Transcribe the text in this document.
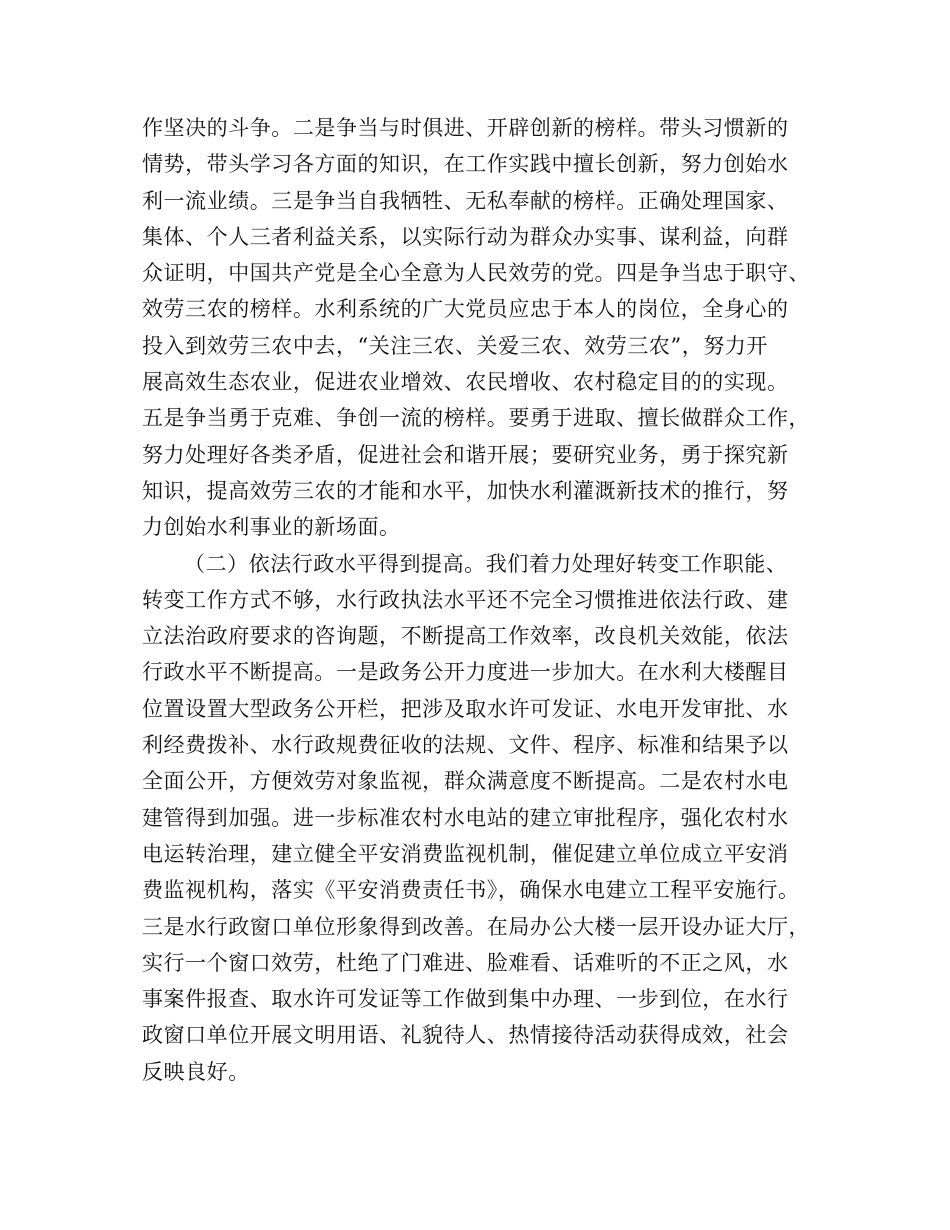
作坚决的斗争。二是争当与时俱进、开辟创新的榜样。带头习惯新的
情势，带头学习各方面的知识，在工作实践中擅长创新，努力创始水
利一流业绩。三是争当自我牺牲、无私奉献的榜样。正确处理国家、
集体、个人三者利益关系，以实际行动为群众办实事、谋利益，向群
众证明，中国共产党是全心全意为人民效劳的党。四是争当忠于职守、
效劳三农的榜样。水利系统的广大党员应忠于本人的岗位，全身心的
投入到效劳三农中去，“关注三农、关爱三农、效劳三农”，努力开
展高效生态农业，促进农业增效、农民增收、农村稳定目的的实现。
五是争当勇于克难、争创一流的榜样。要勇于进取、擅长做群众工作，
努力处理好各类矛盾，促进社会和谐开展；要研究业务，勇于探究新
知识，提高效劳三农的才能和水平，加快水利灌溉新技术的推行，努
力创始水利事业的新场面。
（二）依法行政水平得到提高。我们着力处理好转变工作职能、
转变工作方式不够，水行政执法水平还不完全习惯推进依法行政、建
立法治政府要求的咨询题，不断提高工作效率，改良机关效能，依法
行政水平不断提高。一是政务公开力度进一步加大。在水利大楼醒目
位置设置大型政务公开栏，把涉及取水许可发证、水电开发审批、水
利经费拨补、水行政规费征收的法规、文件、程序、标准和结果予以
全面公开，方便效劳对象监视，群众满意度不断提高。二是农村水电
建管得到加强。进一步标准农村水电站的建立审批程序，强化农村水
电运转治理，建立健全平安消费监视机制，催促建立单位成立平安消
费监视机构，落实《平安消费责任书》，确保水电建立工程平安施行。
三是水行政窗口单位形象得到改善。在局办公大楼一层开设办证大厅，
实行一个窗口效劳，杜绝了门难进、脸难看、话难听的不正之风，水
事案件报查、取水许可发证等工作做到集中办理、一步到位，在水行
政窗口单位开展文明用语、礼貌待人、热情接待活动获得成效，社会
反映良好。
